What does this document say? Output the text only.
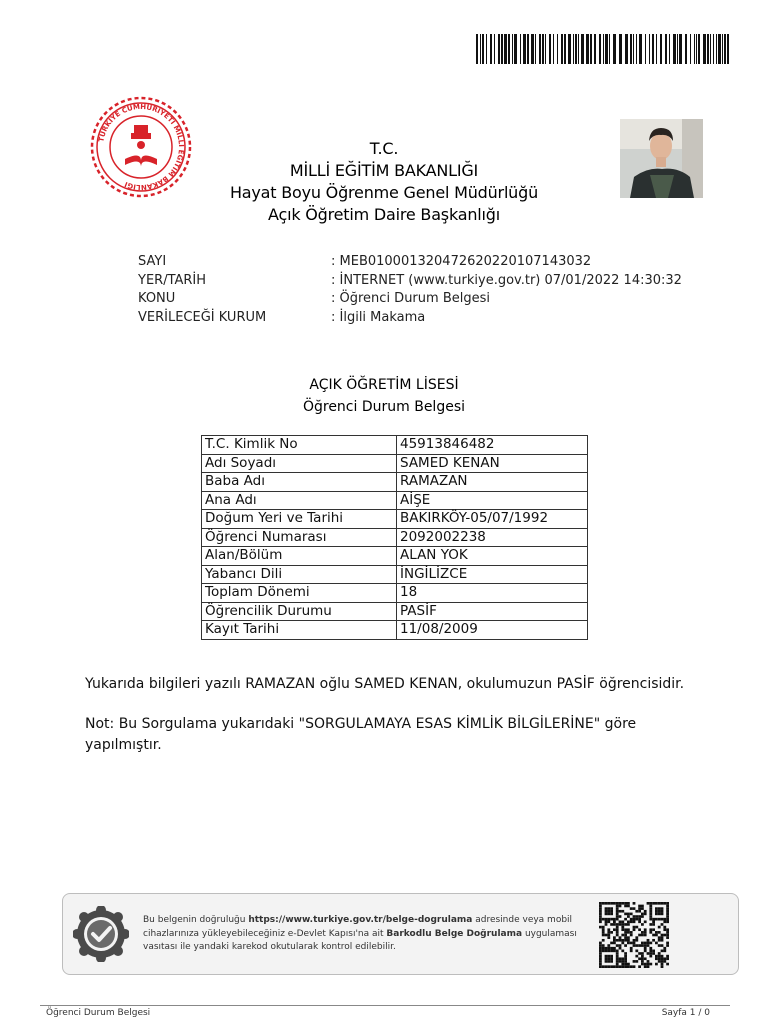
TÜRKİYE CUMHURİYETİ MİLLİ EĞİTİM BAKANLIĞI
T.C.
MİLLİ EĞİTİM BAKANLIĞI
Hayat Boyu Öğrenme Genel Müdürlüğü
Açık Öğretim Daire Başkanlığı
SAYI	: MEB010001320472620220107143032
YER/TARİH	: İNTERNET (www.turkiye.gov.tr) 07/01/2022 14:30:32
KONU	: Öğrenci Durum Belgesi
VERİLECEĞİ KURUM	: İlgili Makama
AÇIK ÖĞRETİM LİSESİ
Öğrenci Durum Belgesi
T.C. Kimlik No	45913846482
Adı Soyadı	SAMED KENAN
Baba Adı	RAMAZAN
Ana Adı	AİŞE
Doğum Yeri ve Tarihi	BAKIRKÖY-05/07/1992
Öğrenci Numarası	2092002238
Alan/Bölüm	ALAN YOK
Yabancı Dili	İNGİLİZCE
Toplam Dönemi	18
Öğrencilik Durumu	PASİF
Kayıt Tarihi	11/08/2009
Yukarıda bilgileri yazılı RAMAZAN oğlu SAMED KENAN, okulumuzun PASİF öğrencisidir.
Not: Bu Sorgulama yukarıdaki "SORGULAMAYA ESAS KİMLİK BİLGİLERİNE" göre yapılmıştır.
Bu belgenin doğruluğu https://www.turkiye.gov.tr/belge-dogrulama adresinde veya mobil cihazlarınıza yükleyebileceğiniz e-Devlet Kapısı'na ait Barkodlu Belge Doğrulama uygulaması vasıtası ile yandaki karekod okutularak kontrol edilebilir.
Öğrenci Durum Belgesi	Sayfa 1 / 0
